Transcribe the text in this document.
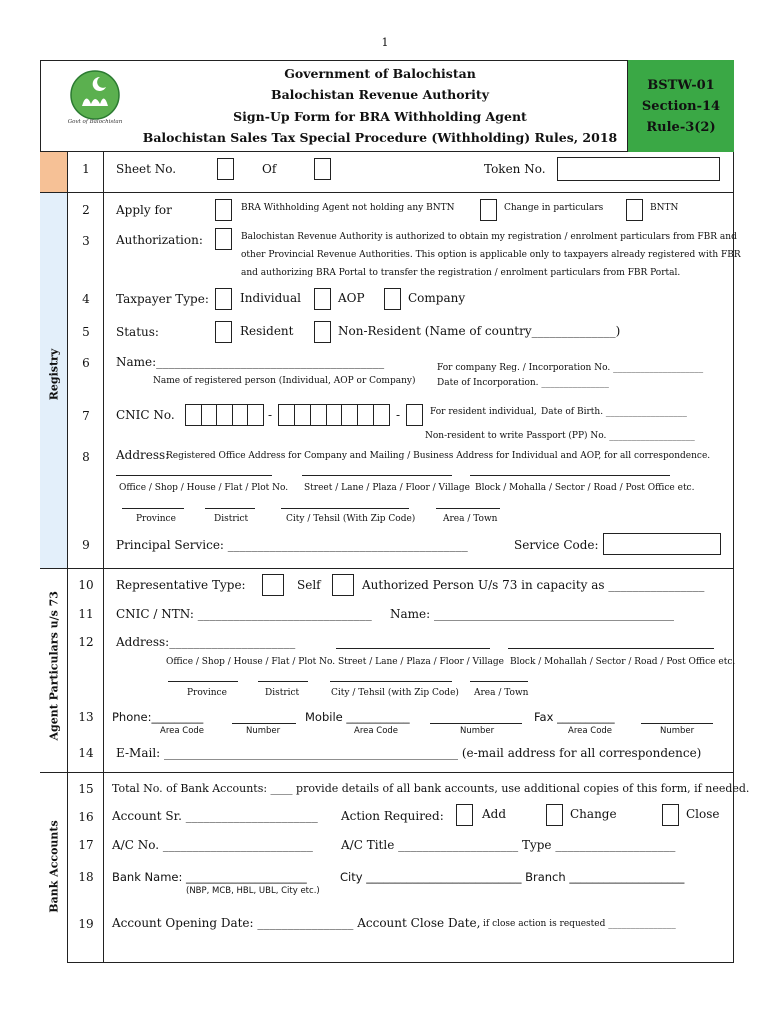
1
Govt of Balochistan
Government of Balochistan
Balochistan Revenue Authority
Sign-Up Form for BRA Withholding Agent
Balochistan Sales Tax Special Procedure (Withholding) Rules, 2018
BSTW-01
Section-14
Rule-3(2)
Registry
Agent Particulars u/s 73
Bank Accounts
1	Sheet No.	Of	Token No.
2	Apply for	BRA Withholding Agent not holding any BNTN	Change in particulars	BNTN
3	Authorization:	Balochistan Revenue Authority is authorized to obtain my registration / enrolment particulars from FBR and
other Provincial Revenue Authorities. This option is applicable only to taxpayers already registered with FBR
and authorizing BRA Portal to transfer the registration / enrolment particulars from FBR Portal.
4	Taxpayer Type:	Individual	AOP	Company
5	Status:	Resident	Non-Resident (Name of country______________)
6	Name:______________________________________
Name of registered person (Individual, AOP or Company)
For company Reg. / Incorporation No. ____________________
Date of Incorporation. _______________
7	CNIC No.	-	-	For resident individual, Date of Birth. __________________
Non-resident to write Passport (PP) No. ___________________
8	Address:
Registered Office Address for Company and Mailing / Business Address for Individual and AOP, for all correspondence.
Office / Shop / House / Flat / Plot No. Street / Lane / Plaza / Floor / Village Block / Mohalla / Sector / Road / Post Office etc.
Province	District	City / Tehsil (With Zip Code)	Area / Town
9	Principal Service: ________________________________________	Service Code:
10	Representative Type:	Self	Authorized Person U/s 73 in capacity as ________________
11	CNIC / NTN: _____________________________ Name: ________________________________________
12	Address:_____________________
Office / Shop / House / Flat / Plot No. Street / Lane / Plaza / Floor / Village Block / Mohallah / Sector / Road / Post Office etc.
Province	District	City / Tehsil (with Zip Code) Area / Town
13	Phone:_________	Mobile ___________	Fax __________
Area Code	Number	Area Code	Number	Area Code	Number
14	E-Mail: _________________________________________________ (e-mail address for all correspondence)
15	Total No. of Bank Accounts: ____ provide details of all bank accounts, use additional copies of this form, if needed.
16	Account Sr. ______________________ Action Required:	Add	Change	Close
17	A/C No. _________________________ A/C Title ____________________ Type ____________________
18	Bank Name: _____________________	City ___________________________ Branch ____________________
(NBP, MCB, HBL, UBL, City etc.)
19	Account Opening Date: ________________ Account Close Date, if close action is requested _______________
